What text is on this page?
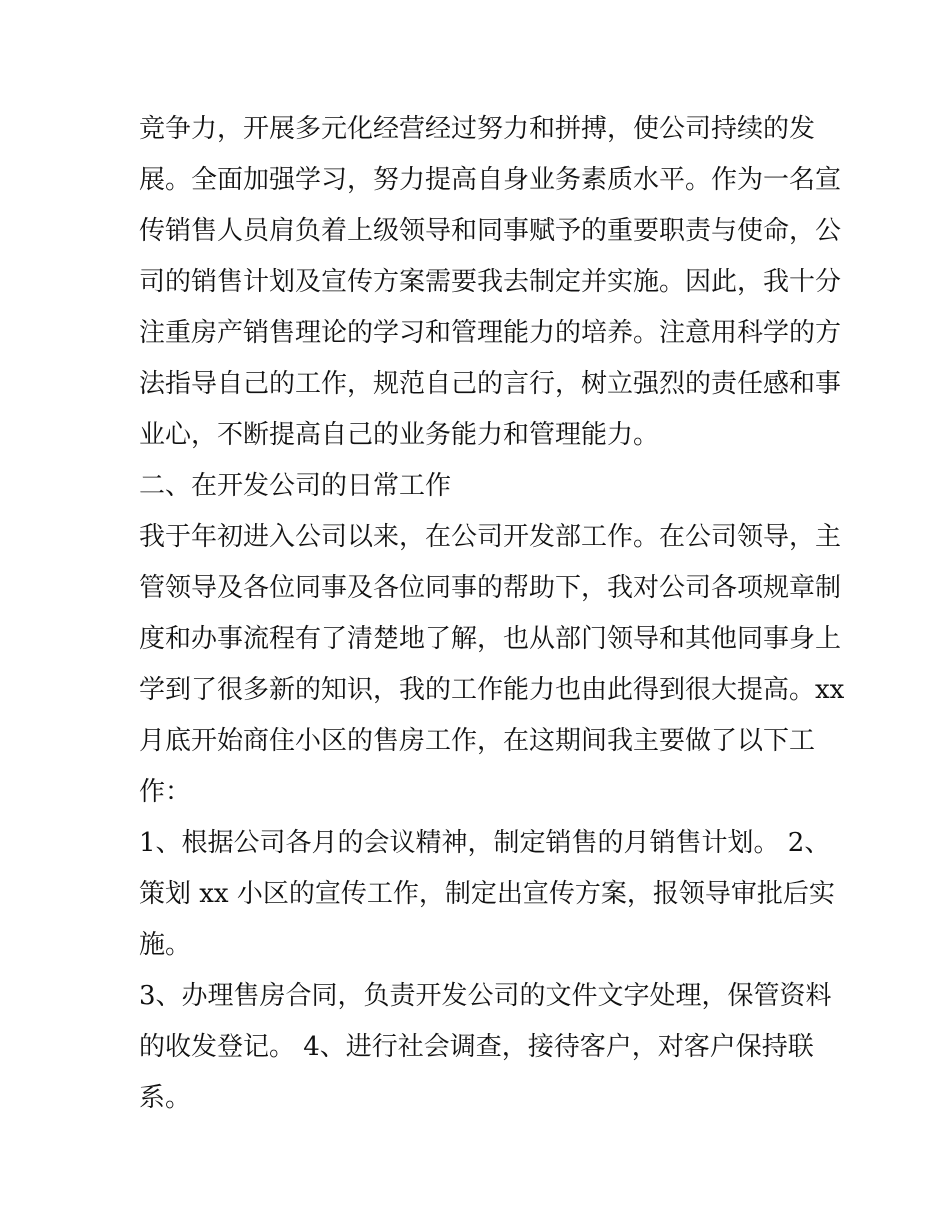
竞争力，开展多元化经营经过努力和拼搏，使公司持续的发
展。全面加强学习，努力提高自身业务素质水平。作为一名宣
传销售人员肩负着上级领导和同事赋予的重要职责与使命，公
司的销售计划及宣传方案需要我去制定并实施。因此，我十分
注重房产销售理论的学习和管理能力的培养。注意用科学的方
法指导自己的工作，规范自己的言行，树立强烈的责任感和事
业心，不断提高自己的业务能力和管理能力。
二、在开发公司的日常工作
我于年初进入公司以来，在公司开发部工作。在公司领导，主
管领导及各位同事及各位同事的帮助下，我对公司各项规章制
度和办事流程有了清楚地了解，也从部门领导和其他同事身上
学到了很多新的知识，我的工作能力也由此得到很大提高。xx
月底开始商住小区的售房工作，在这期间我主要做了以下工
作：
1、根据公司各月的会议精神，制定销售的月销售计划。 2、
策划 xx 小区的宣传工作，制定出宣传方案，报领导审批后实
施。
3、办理售房合同，负责开发公司的文件文字处理，保管资料
的收发登记。 4、进行社会调查，接待客户，对客户保持联
系。
